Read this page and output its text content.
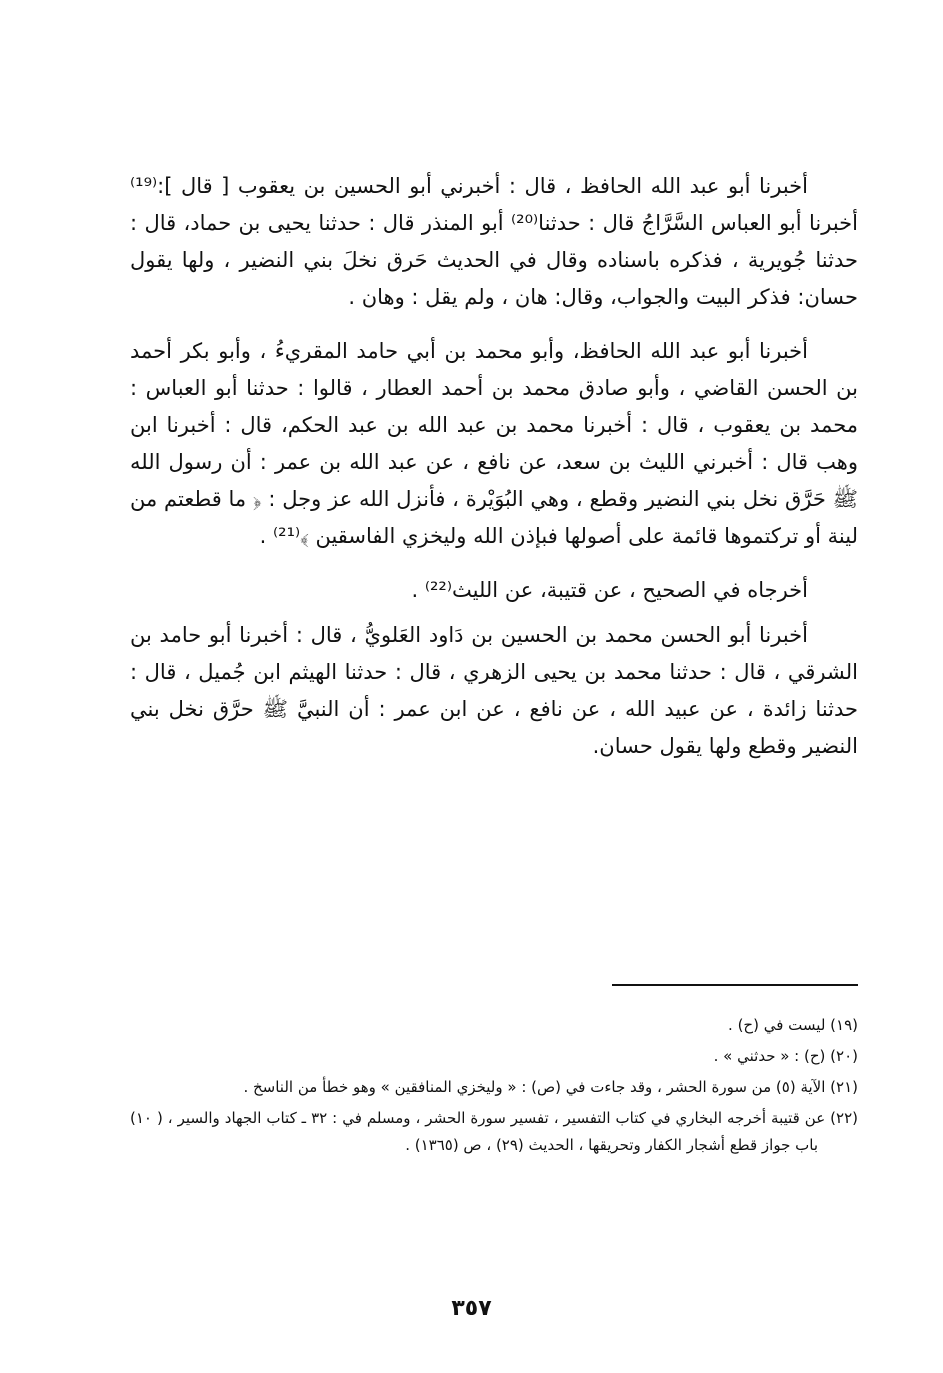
أخبرنا أبو عبد الله الحافظ ، قال : أخبرني أبو الحسين بن يعقوب [ قال ]:⁽¹⁹⁾ أخبرنا أبو العباس السَّرَّاجُ قال : حدثنا⁽²⁰⁾ أبو المنذر قال : حدثنا يحيى بن حماد، قال : حدثنا جُويرية ، فذكره باسناده وقال في الحديث حَرق نخلَ بني النضير ، ولها يقول حسان: فذكر البيت والجواب، وقال: هان ، ولم يقل : وهان .

أخبرنا أبو عبد الله الحافظ، وأبو محمد بن أبي حامد المقريءُ ، وأبو بكر أحمد بن الحسن القاضي ، وأبو صادق محمد بن أحمد العطار ، قالوا : حدثنا أبو العباس : محمد بن يعقوب ، قال : أخبرنا محمد بن عبد الله بن عبد الحكم، قال : أخبرنا ابن وهب قال : أخبرني الليث بن سعد، عن نافع ، عن عبد الله بن عمر : أن رسول الله ﷺ حَرَّق نخل بني النضير وقطع ، وهي البُوَيْرة ، فأنزل الله عز وجل : ﴿ ما قطعتم من لينة أو تركتموها قائمة على أصولها فبإذن الله وليخزي الفاسقين ﴾⁽²¹⁾ .

أخرجاه في الصحيح ، عن قتيبة، عن الليث⁽²²⁾ .

أخبرنا أبو الحسن محمد بن الحسين بن دَاود العَلويُّ ، قال : أخبرنا أبو حامد بن الشرقي ، قال : حدثنا محمد بن يحيى الزهري ، قال : حدثنا الهيثم ابن جُميل ، قال : حدثنا زائدة ، عن عبيد الله ، عن نافع ، عن ابن عمر : أن النبيَّ ﷺ حرَّق نخل بني النضير وقطع ولها يقول حسان.

(١٩) ليست في (ح) .

(٢٠) (ح) : « حدثني » .

(٢١) الآية (٥) من سورة الحشر ، وقد جاءت في (ص) : « وليخزي المنافقين » وهو خطأ من الناسخ .

(٢٢) عن قتيبة أخرجه البخاري في كتاب التفسير ، تفسير سورة الحشر ، ومسلم في : ٣٢ ـ كتاب الجهاد والسير ، ( ١٠) باب جواز قطع أشجار الكفار وتحريقها ، الحديث (٢٩) ، ص (١٣٦٥) .

٣٥٧
